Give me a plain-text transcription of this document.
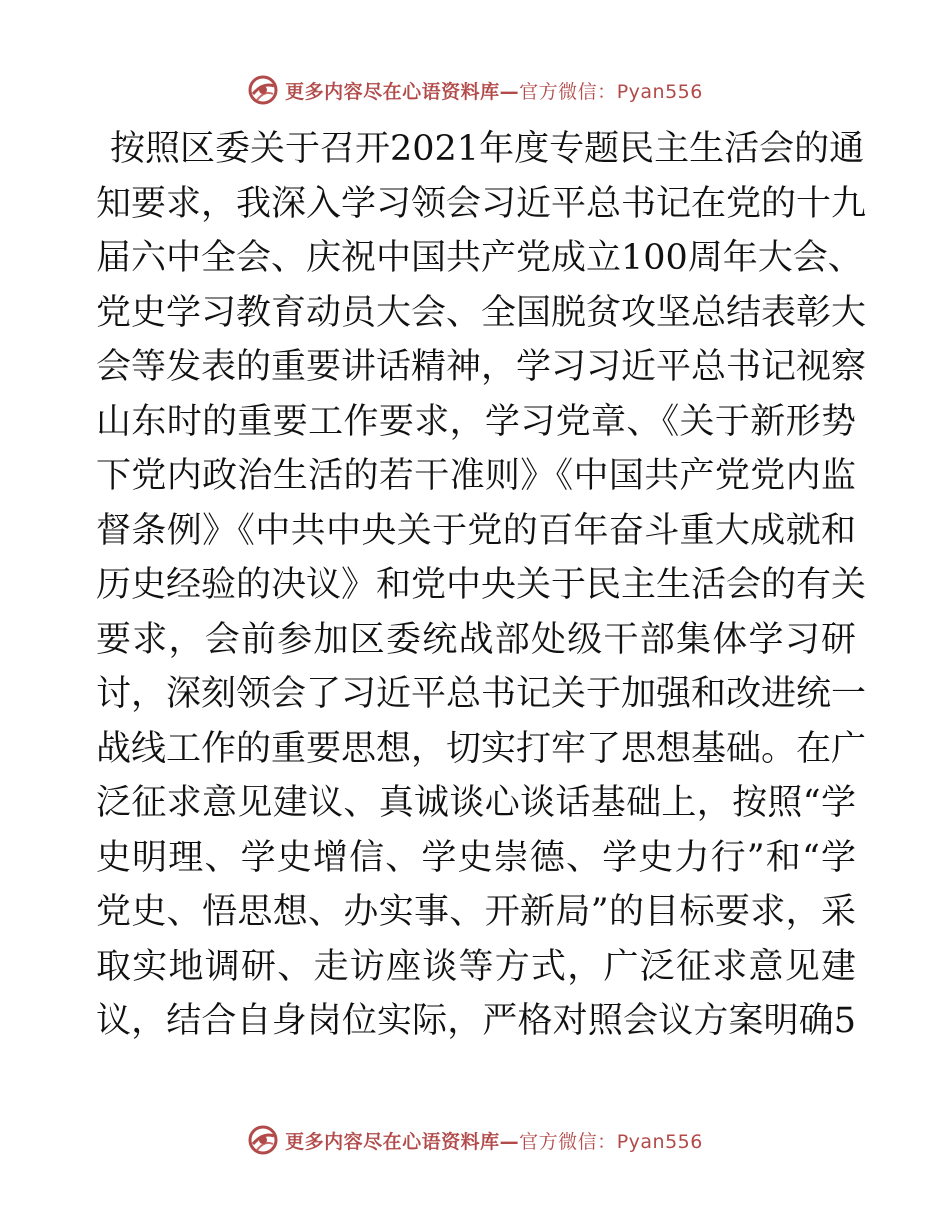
更多内容尽在心语资料库—官方微信：Pyan556
按照区委关于召开2021年度专题民主生活会的通
知要求，我深入学习领会习近平总书记在党的十九
届六中全会、庆祝中国共产党成立100周年大会、
党史学习教育动员大会、全国脱贫攻坚总结表彰大
会等发表的重要讲话精神，学习习近平总书记视察
山东时的重要工作要求，学习党章、《关于新形势
下党内政治生活的若干准则》《中国共产党党内监
督条例》《中共中央关于党的百年奋斗重大成就和
历史经验的决议》和党中央关于民主生活会的有关
要求，会前参加区委统战部处级干部集体学习研
讨，深刻领会了习近平总书记关于加强和改进统一
战线工作的重要思想，切实打牢了思想基础。在广
泛征求意见建议、真诚谈心谈话基础上，按照“学
史明理、学史增信、学史崇德、学史力行”和“学
党史、悟思想、办实事、开新局”的目标要求，采
取实地调研、走访座谈等方式，广泛征求意见建
议，结合自身岗位实际，严格对照会议方案明确5
更多内容尽在心语资料库—官方微信：Pyan556
